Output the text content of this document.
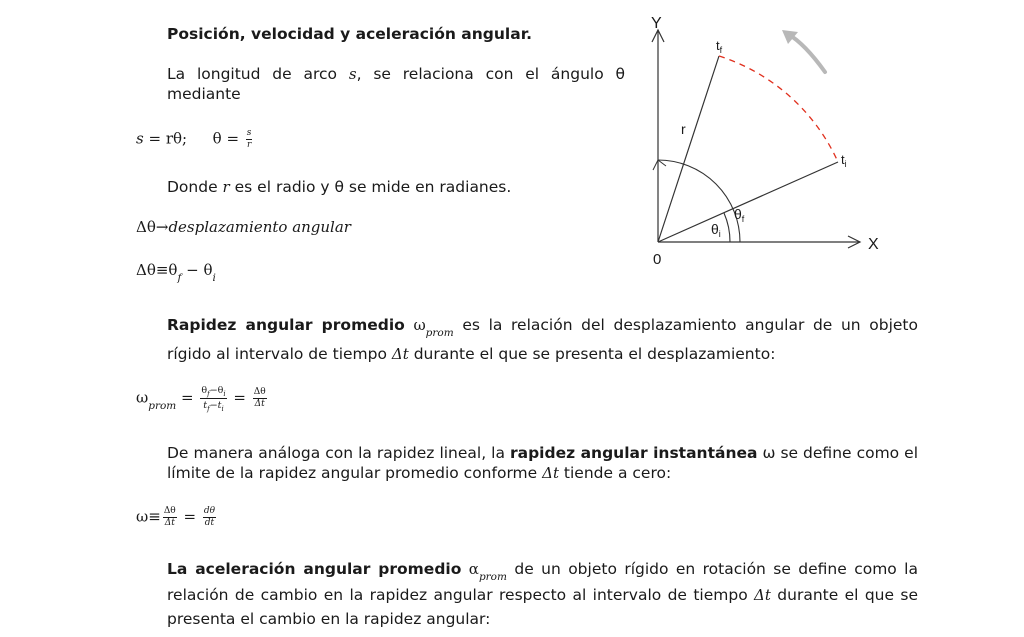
Posición, velocidad y aceleración angular.
La longitud de arco s, se relaciona con el ángulo θ mediante
s = rθ; $\theta = \frac{s}{r}$
Donde r es el radio y θ se mide en radianes.
Δθ→desplazamiento angular
$\Delta\theta\equiv\theta_f - \theta_i$
Rapidez angular promedio $\omega_{prom}$ es la relación del desplazamiento angular de un objeto rígido al intervalo de tiempo Δt durante el que se presenta el desplazamiento:
$\omega_{prom} = \frac{\theta_f-\theta_i}{t_f-t_i} = \frac{\Delta\theta}{\Delta t}$
De manera análoga con la rapidez lineal, la rapidez angular instantánea ω se define como el límite de la rapidez angular promedio conforme Δt tiende a cero:
$\omega\equiv \frac{\Delta\theta}{\Delta t} = \frac{d\theta}{dt}$
La aceleración angular promedio $\alpha_{prom}$ de un objeto rígido en rotación se define como la relación de cambio en la rapidez angular respecto al intervalo de tiempo Δt durante el que se presenta el cambio en la rapidez angular:
Y
X
0
r
$t_f$
$t_i$
$\theta_f$
$\theta_i$
